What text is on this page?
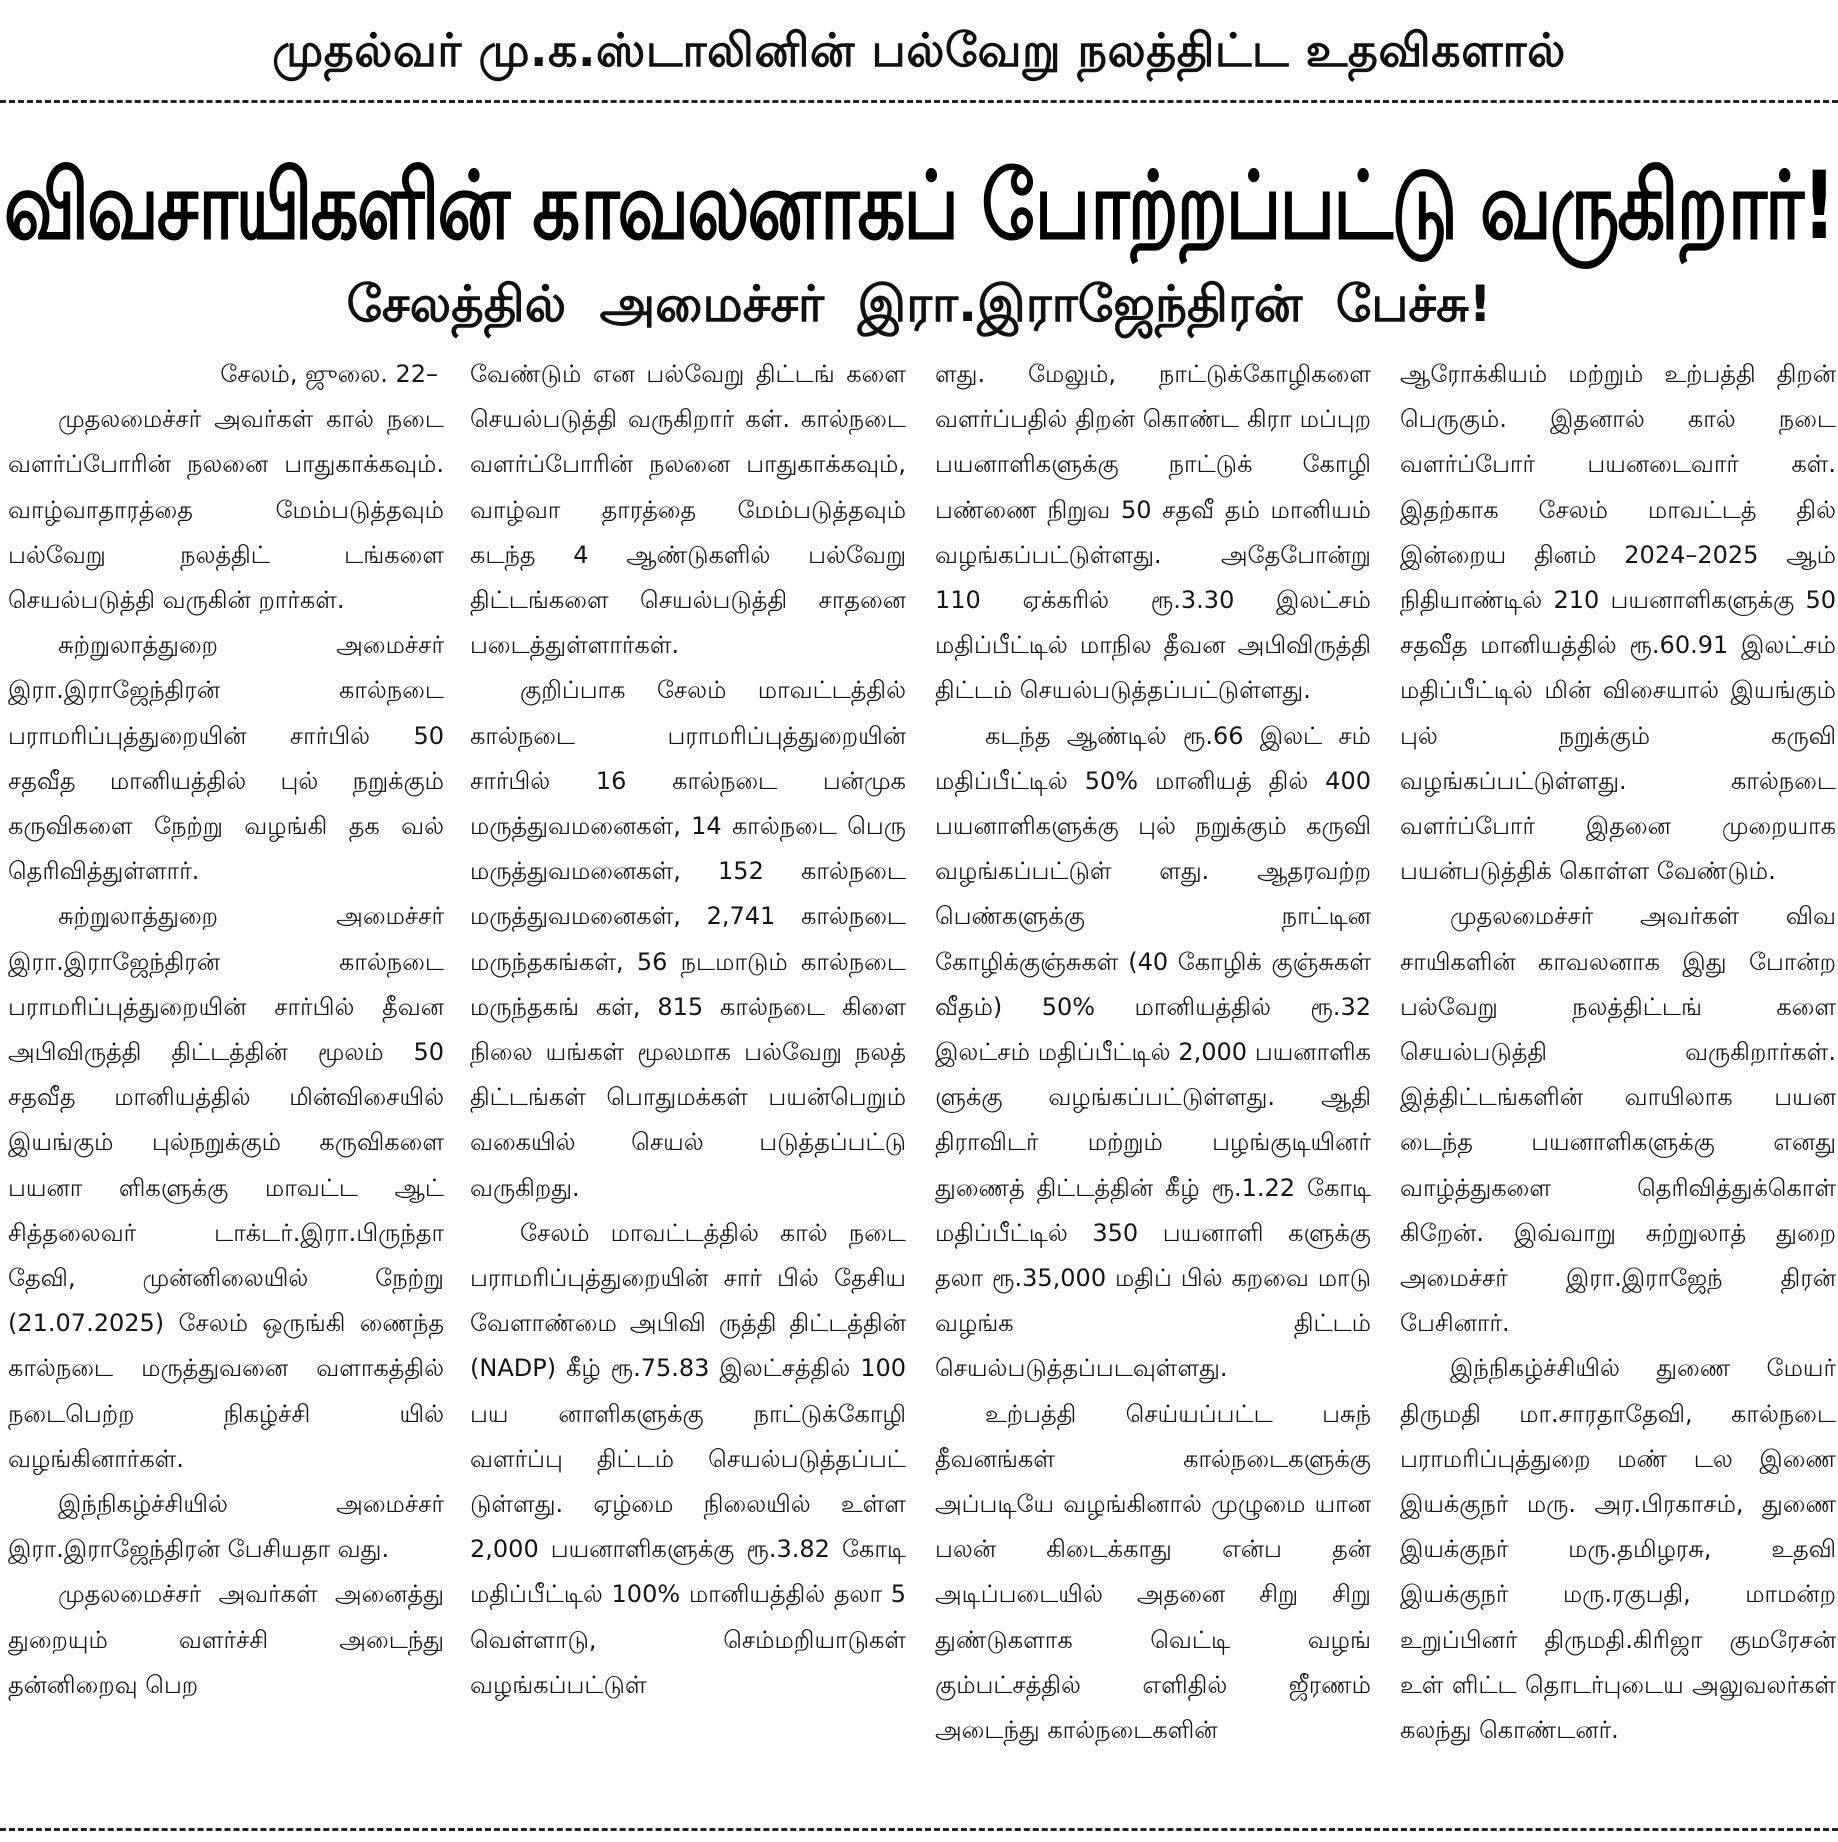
முதல்வர் மு.க.ஸ்டாலினின் பல்வேறு நலத்திட்ட உதவிகளால்
விவசாயிகளின் காவலனாகப் போற்றப்பட்டு வருகிறார்!
சேலத்தில் அமைச்சர் இரா.இராஜேந்திரன் பேச்சு!

சேலம், ஜுலை. 22–

முதலமைச்சர் அவர்கள் கால் நடை வளர்ப்போரின் நலனை பாதுகாக்கவும். வாழ்வாதாரத்தை மேம்படுத்தவும் பல்வேறு நலத்திட் டங்களை செயல்படுத்தி வருகின் றார்கள்.

சுற்றுலாத்துறை அமைச்சர் இரா.இராஜேந்திரன் கால்நடை பராமரிப்புத்துறையின் சார்பில் 50 சதவீத மானியத்தில் புல் நறுக்கும் கருவிகளை நேற்று வழங்கி தக வல் தெரிவித்துள்ளார்.

சுற்றுலாத்துறை அமைச்சர் இரா.இராஜேந்திரன் கால்நடை பராமரிப்புத்துறையின் சார்பில் தீவன அபிவிருத்தி திட்டத்தின் மூலம் 50 சதவீத மானியத்தில் மின்விசையில் இயங்கும் புல்நறுக்கும் கருவிகளை பயனா ளிகளுக்கு மாவட்ட ஆட் சித்தலைவர் டாக்டர்.இரா.பிருந்தா தேவி, முன்னிலையில் நேற்று (21.07.2025) சேலம் ஒருங்கி ணைந்த கால்நடை மருத்துவனை வளாகத்தில் நடைபெற்ற நிகழ்ச்சி யில் வழங்கினார்கள்.

இந்நிகழ்ச்சியில் அமைச்சர் இரா.இராஜேந்திரன் பேசியதா வது.

முதலமைச்சர் அவர்கள் அனைத்து துறையும் வளர்ச்சி அடைந்து தன்னிறைவு பெற

வேண்டும் என பல்வேறு திட்டங் களை செயல்படுத்தி வருகிறார் கள். கால்நடை வளர்ப்போரின் நலனை பாதுகாக்கவும், வாழ்வா தாரத்தை மேம்படுத்தவும் கடந்த 4 ஆண்டுகளில் பல்வேறு திட்டங்களை செயல்படுத்தி சாதனை படைத்துள்ளார்கள்.

குறிப்பாக சேலம் மாவட்டத்தில் கால்நடை பராமரிப்புத்துறையின் சார்பில் 16 கால்நடை பன்முக மருத்துவமனைகள், 14 கால்நடை பெரு மருத்துவமனைகள், 152 கால்நடை மருத்துவமனைகள், 2,741 கால்நடை மருந்தகங்கள், 56 நடமாடும் கால்நடை மருந்தகங் கள், 815 கால்நடை கிளை நிலை யங்கள் மூலமாக பல்வேறு நலத் திட்டங்கள் பொதுமக்கள் பயன்பெறும் வகையில் செயல் படுத்தப்பட்டு வருகிறது.

சேலம் மாவட்டத்தில் கால் நடை பராமரிப்புத்துறையின் சார் பில் தேசிய வேளாண்மை அபிவி ருத்தி திட்டத்தின் (NADP) கீழ் ரூ.75.83 இலட்சத்தில் 100 பய னாளிகளுக்கு நாட்டுக்கோழி வளர்ப்பு திட்டம் செயல்படுத்தப்பட் டுள்ளது. ஏழ்மை நிலையில் உள்ள 2,000 பயனாளிகளுக்கு ரூ.3.82 கோடி மதிப்பீட்டில் 100% மானியத்தில் தலா 5 வெள்ளாடு, செம்மறியாடுகள் வழங்கப்பட்டுள்

ளது. மேலும், நாட்டுக்கோழிகளை வளர்ப்பதில் திறன் கொண்ட கிரா மப்புற பயனாளிகளுக்கு நாட்டுக் கோழி பண்ணை நிறுவ 50 சதவீ தம் மானியம் வழங்கப்பட்டுள்ளது. அதேபோன்று 110 ஏக்கரில் ரூ.3.30 இலட்சம் மதிப்பீட்டில் மாநில தீவன அபிவிருத்தி திட்டம் செயல்படுத்தப்பட்டுள்ளது.

கடந்த ஆண்டில் ரூ.66 இலட் சம் மதிப்பீட்டில் 50% மானியத் தில் 400 பயனாளிகளுக்கு புல் நறுக்கும் கருவி வழங்கப்பட்டுள் ளது. ஆதரவற்ற பெண்களுக்கு நாட்டின கோழிக்குஞ்சுகள் (40 கோழிக் குஞ்சுகள் வீதம்) 50% மானியத்தில் ரூ.32 இலட்சம் மதிப்பீட்டில் 2,000 பயனாளிக ளுக்கு வழங்கப்பட்டுள்ளது. ஆதி திராவிடர் மற்றும் பழங்குடியினர் துணைத் திட்டத்தின் கீழ் ரூ.1.22 கோடி மதிப்பீட்டில் 350 பயனாளி களுக்கு தலா ரூ.35,000 மதிப் பில் கறவை மாடு வழங்க திட்டம் செயல்படுத்தப்படவுள்ளது.

உற்பத்தி செய்யப்பட்ட பசுந் தீவனங்கள் கால்நடைகளுக்கு அப்படியே வழங்கினால் முழுமை யான பலன் கிடைக்காது என்ப தன் அடிப்படையில் அதனை சிறு சிறு துண்டுகளாக வெட்டி வழங் கும்பட்சத்தில் எளிதில் ஜீரணம் அடைந்து கால்நடைகளின்

ஆரோக்கியம் மற்றும் உற்பத்தி திறன் பெருகும். இதனால் கால் நடை வளர்ப்போர் பயனடைவார் கள். இதற்காக சேலம் மாவட்டத் தில் இன்றைய தினம் 2024–2025 ஆம் நிதியாண்டில் 210 பயனாளிகளுக்கு 50 சதவீத மானியத்தில் ரூ.60.91 இலட்சம் மதிப்பீட்டில் மின் விசையால் இயங்கும் புல் நறுக்கும் கருவி வழங்கப்பட்டுள்ளது. கால்நடை வளர்ப்போர் இதனை முறையாக பயன்படுத்திக் கொள்ள வேண்டும்.

முதலமைச்சர் அவர்கள் விவ சாயிகளின் காவலனாக இது போன்ற பல்வேறு நலத்திட்டங் களை செயல்படுத்தி வருகிறார்கள். இத்திட்டங்களின் வாயிலாக பயன டைந்த பயனாளிகளுக்கு எனது வாழ்த்துகளை தெரிவித்துக்கொள் கிறேன். இவ்வாறு சுற்றுலாத் துறை அமைச்சர் இரா.இராஜேந் திரன் பேசினார்.

இந்நிகழ்ச்சியில் துணை மேயர் திருமதி மா.சாரதாதேவி, கால்நடை பராமரிப்புத்துறை மண் டல இணை இயக்குநர் மரு. அர.பிரகாசம், துணை இயக்குநர் மரு.தமிழரசு, உதவி இயக்குநர் மரு.ரகுபதி, மாமன்ற உறுப்பினர் திருமதி.கிரிஜா குமரேசன் உள் ளிட்ட தொடர்புடைய அலுவலர்கள் கலந்து கொண்டனர்.
